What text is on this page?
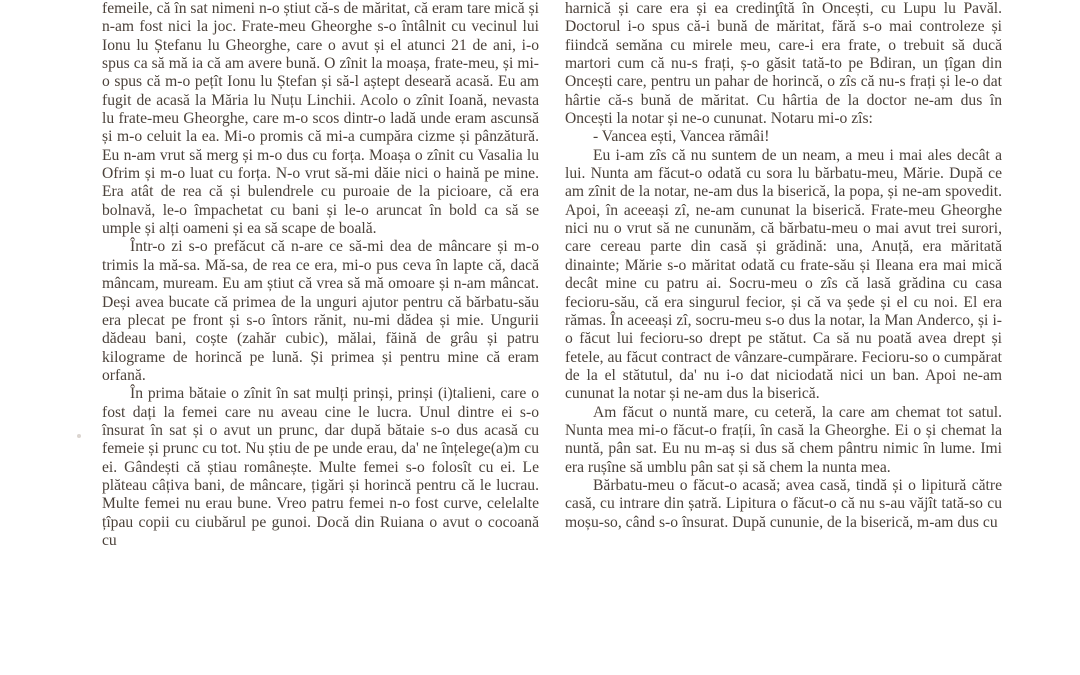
femeile, că în sat nimeni n-o știut că-s de măritat, că eram tare mică și n-am fost nici la joc. Frate-meu Gheorghe s-o întâlnit cu vecinul lui Ionu lu Ștefanu lu Gheorghe, care o avut și el atunci 21 de ani, i-o spus ca să mă ia că am avere bună. O zînit la moașa, frate-meu, și mi-o spus că m-o pețît Ionu lu Ștefan și să-l aștept deseară acasă. Eu am fugit de acasă la Măria lu Nuțu Linchii. Acolo o zînit Ioană, nevasta lu frate-meu Gheorghe, care m-o scos dintr-o ladă unde eram ascunsă și m-o celuit la ea. Mi-o promis că mi-a cumpăra cizme și pânzătură. Eu n-am vrut să merg și m-o dus cu forța. Moașa o zînit cu Vasalia lu Ofrim și m-o luat cu forța. N-o vrut să-mi dăie nici o haină pe mine. Era atât de rea că și bulendrele cu puroaie de la picioare, că era bolnavă, le-o împachetat cu bani și le-o aruncat în bold ca să se umple și alți oameni și ea să scape de boală.

Într-o zi s-o prefăcut că n-are ce să-mi dea de mâncare și m-o trimis la mă-sa. Mă-sa, de rea ce era, mi-o pus ceva în lapte că, dacă mâncam, muream. Eu am știut că vrea să mă omoare și n-am mâncat. Deși avea bucate că primea de la unguri ajutor pentru că bărbatu-său era plecat pe front și s-o întors rănit, nu-mi dădea și mie. Ungurii dădeau bani, coște (zahăr cubic), mălai, făină de grâu și patru kilograme de horincă pe lună. Și primea și pentru mine că eram orfană.

În prima bătaie o zînit în sat mulți prinși, prinși (i)talieni, care o fost dați la femei care nu aveau cine le lucra. Unul dintre ei s-o însurat în sat și o avut un prunc, dar după bătaie s-o dus acasă cu femeie și prunc cu tot. Nu știu de pe unde erau, da' ne înțelege(a)m cu ei. Gândești că știau românește. Multe femei s-o folosît cu ei. Le plăteau câțiva bani, de mâncare, țigări și horincă pentru că le lucrau. Multe femei nu erau bune. Vreo patru femei n-o fost curve, celelalte țîpau copii cu ciubărul pe gunoi. Docă din Ruiana o avut o cocoană cu

harnică și care era și ea credinţîtă în Oncești, cu Lupu lu Pavăl. Doctorul i-o spus că-i bună de măritat, fără s-o mai controleze și fiindcă semăna cu mirele meu, care-i era frate, o trebuit să ducă martori cum că nu-s frați, ș-o găsit tată-to pe Bdiran, un țîgan din Oncești care, pentru un pahar de horincă, o zîs că nu-s frați și le-o dat hârtie că-s bună de măritat. Cu hârtia de la doctor ne-am dus în Oncești la notar și ne-o cununat. Notaru mi-o zîs:

- Vancea ești, Vancea rămâi!

Eu i-am zîs că nu suntem de un neam, a meu i mai ales decât a lui. Nunta am făcut-o odată cu sora lu bărbatu-meu, Mărie. După ce am zînit de la notar, ne-am dus la biserică, la popa, și ne-am spovedit. Apoi, în aceeași zî, ne-am cununat la biserică. Frate-meu Gheorghe nici nu o vrut să ne cununăm, că bărbatu-meu o mai avut trei surori, care cereau parte din casă și grădină: una, Anuță, era măritată dinainte; Mărie s-o măritat odată cu frate-său și Ileana era mai mică decât mine cu patru ai. Socru-meu o zîs că lasă grădina cu casa fecioru-său, că era singurul fecior, și că va șede și el cu noi. El era rămas. În aceeași zî, socru-meu s-o dus la notar, la Man Anderco, și i-o făcut lui fecioru-so drept pe stătut. Ca să nu poată avea drept și fetele, au făcut contract de vânzare-cumpărare. Fecioru-so o cumpărat de la el stătutul, da' nu i-o dat niciodată nici un ban. Apoi ne-am cununat la notar și ne-am dus la biserică.

Am făcut o nuntă mare, cu ceteră, la care am chemat tot satul. Nunta mea mi-o făcut-o frațíi, în casă la Gheorghe. Ei o și chemat la nuntă, pân sat. Eu nu m-aș si dus să chem pântru nimic în lume. Imi era rușîne să umblu pân sat și să chem la nunta mea.

Bărbatu-meu o făcut-o acasă; avea casă, tindă și o lipitură către casă, cu intrare din șatră. Lipitura o făcut-o că nu s-au văjît tată-so cu moșu-so, când s-o însurat. După cununie, de la biserică, m-am dus cu
